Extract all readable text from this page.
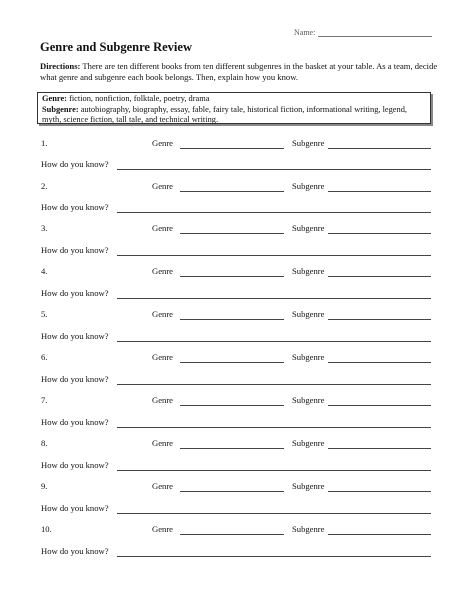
Name:
Genre and Subgenre Review
Directions: There are ten different books from ten different subgenres in the basket at your table. As a team, decide what genre and subgenre each book belongs. Then, explain how you know.
Genre: fiction, nonfiction, folktale, poetry, drama
Subgenre: autobiography, biography, essay, fable, fairy tale, historical fiction, informational writing, legend, myth, science fiction, tall tale, and technical writing.
1.	Genre	Subgenre
How do you know?
2.	Genre	Subgenre
How do you know?
3.	Genre	Subgenre
How do you know?
4.	Genre	Subgenre
How do you know?
5.	Genre	Subgenre
How do you know?
6.	Genre	Subgenre
How do you know?
7.	Genre	Subgenre
How do you know?
8.	Genre	Subgenre
How do you know?
9.	Genre	Subgenre
How do you know?
10.	Genre	Subgenre
How do you know?
